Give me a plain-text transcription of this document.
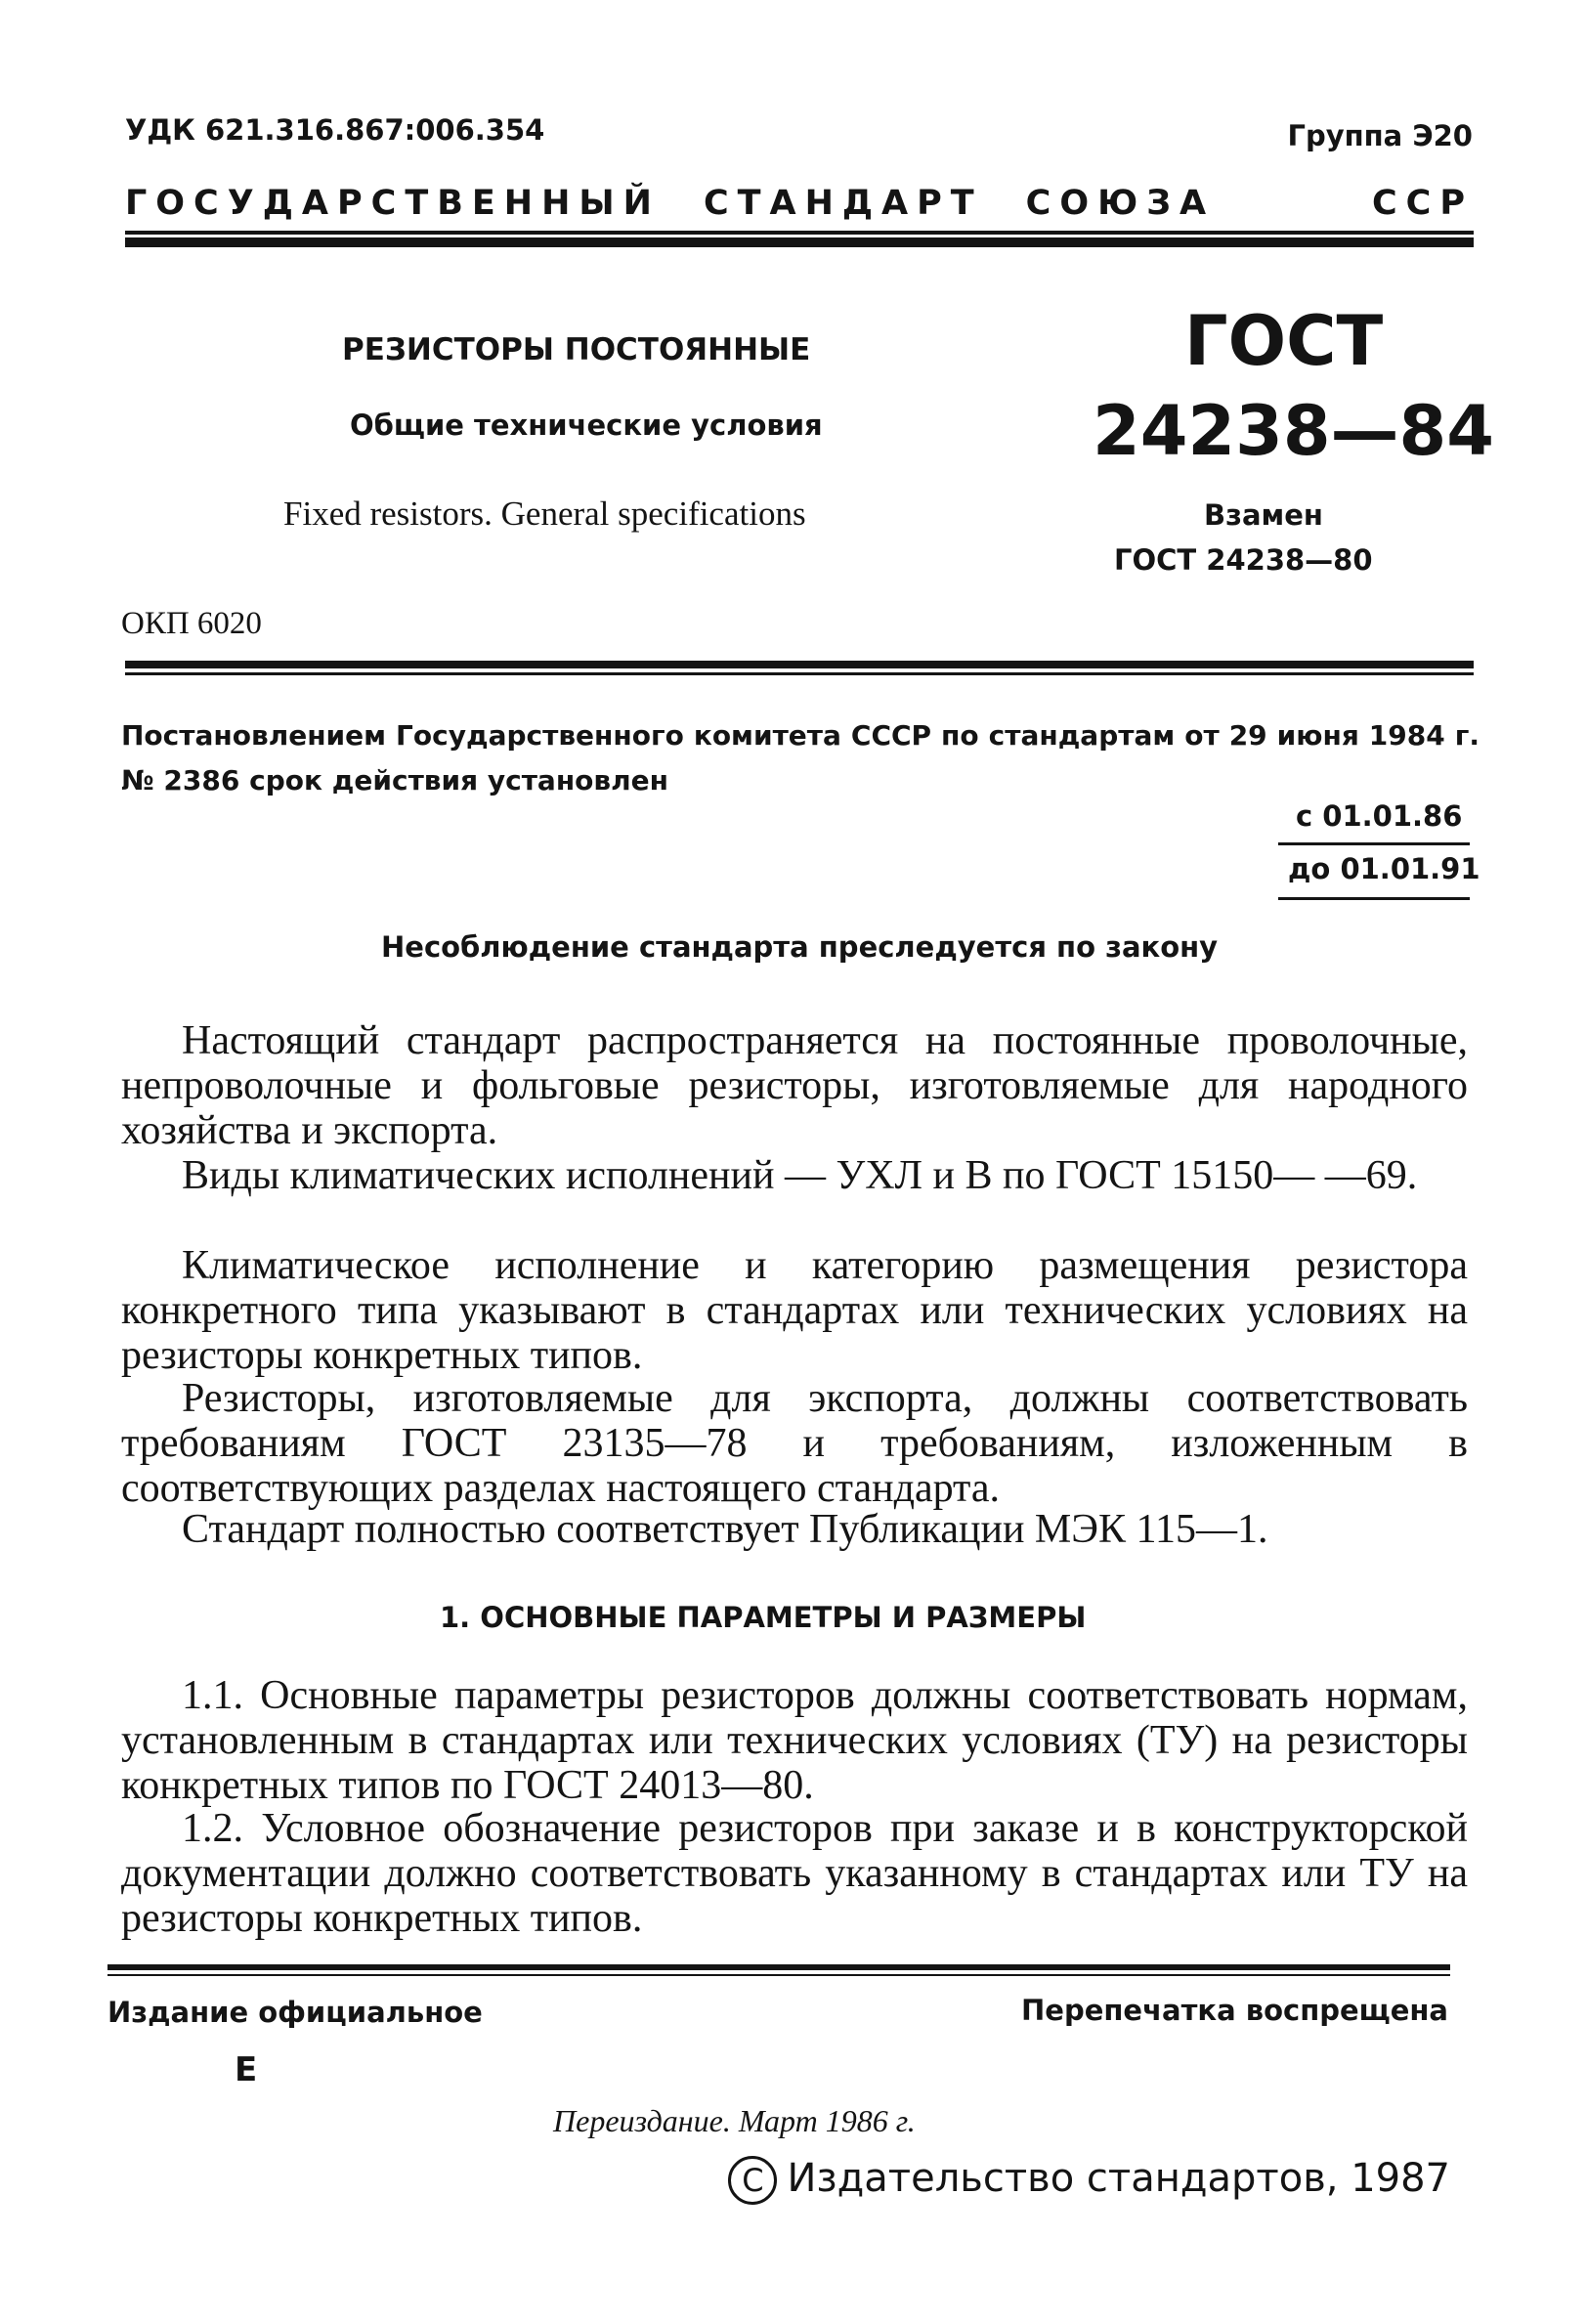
УДК 621.316.867:006.354	Группа Э20
ГОСУДАРСТВЕННЫЙ СТАНДАРТ СОЮЗА	ССР
РЕЗИСТОРЫ ПОСТОЯННЫЕ
Общие технические условия
Fixed resistors. General specifications
ГОСТ
24238—84
Взамен
ГОСТ 24238—80
ОКП 6020
Постановлением Государственного комитета СССР по стандартам от 29 июня 1984 г. № 2386 срок действия установлен
с 01.01.86
до 01.01.91
Несоблюдение стандарта преследуется по закону
Настоящий стандарт распространяется на постоянные проволочные, непроволочные и фольговые резисторы, изготовляемые для народного хозяйства и экспорта.
Виды климатических исполнений — УХЛ и В по ГОСТ 15150— —69.
Климатическое исполнение и категорию размещения резистора конкретного типа указывают в стандартах или технических условиях на резисторы конкретных типов.
Резисторы, изготовляемые для экспорта, должны соответствовать требованиям ГОСТ 23135—78 и требованиям, изложенным в соответствующих разделах настоящего стандарта.
Стандарт полностью соответствует Публикации МЭК 115—1.
1. ОСНОВНЫЕ ПАРАМЕТРЫ И РАЗМЕРЫ
1.1. Основные параметры резисторов должны соответствовать нормам, установленным в стандартах или технических условиях (ТУ) на резисторы конкретных типов по ГОСТ 24013—80.
1.2. Условное обозначение резисторов при заказе и в конструкторской документации должно соответствовать указанному в стандартах или ТУ на резисторы конкретных типов.
Издание официальное	Перепечатка воспрещена
Е
Переиздание. Март 1986 г.
C Издательство стандартов, 1987
